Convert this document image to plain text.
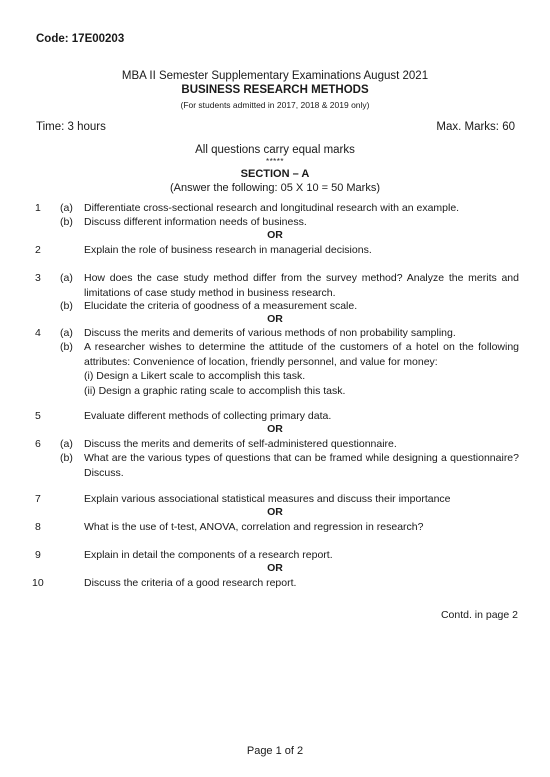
Code: 17E00203
MBA II Semester Supplementary Examinations August 2021
BUSINESS RESEARCH METHODS
(For students admitted in 2017, 2018 & 2019 only)
Time: 3 hours	Max. Marks: 60
All questions carry equal marks
*****
SECTION – A
(Answer the following: 05 X 10 = 50 Marks)
1	(a)	Differentiate cross-sectional research and longitudinal research with an example.
(b)	Discuss different information needs of business.
OR
2	Explain the role of business research in managerial decisions.
3	(a)	How does the case study method differ from the survey method? Analyze the merits and limitations of case study method in business research.
(b)	Elucidate the criteria of goodness of a measurement scale.
OR
4	(a)	Discuss the merits and demerits of various methods of non probability sampling.
(b)	A researcher wishes to determine the attitude of the customers of a hotel on the following attributes: Convenience of location, friendly personnel, and value for money:
(i) Design a Likert scale to accomplish this task.
(ii) Design a graphic rating scale to accomplish this task.
5	Evaluate different methods of collecting primary data.
OR
6	(a)	Discuss the merits and demerits of self-administered questionnaire.
(b)	What are the various types of questions that can be framed while designing a questionnaire? Discuss.
7	Explain various associational statistical measures and discuss their importance
OR
8	What is the use of t-test, ANOVA, correlation and regression in research?
9	Explain in detail the components of a research report.
OR
10	Discuss the criteria of a good research report.
Contd. in page 2
Page 1 of 2
